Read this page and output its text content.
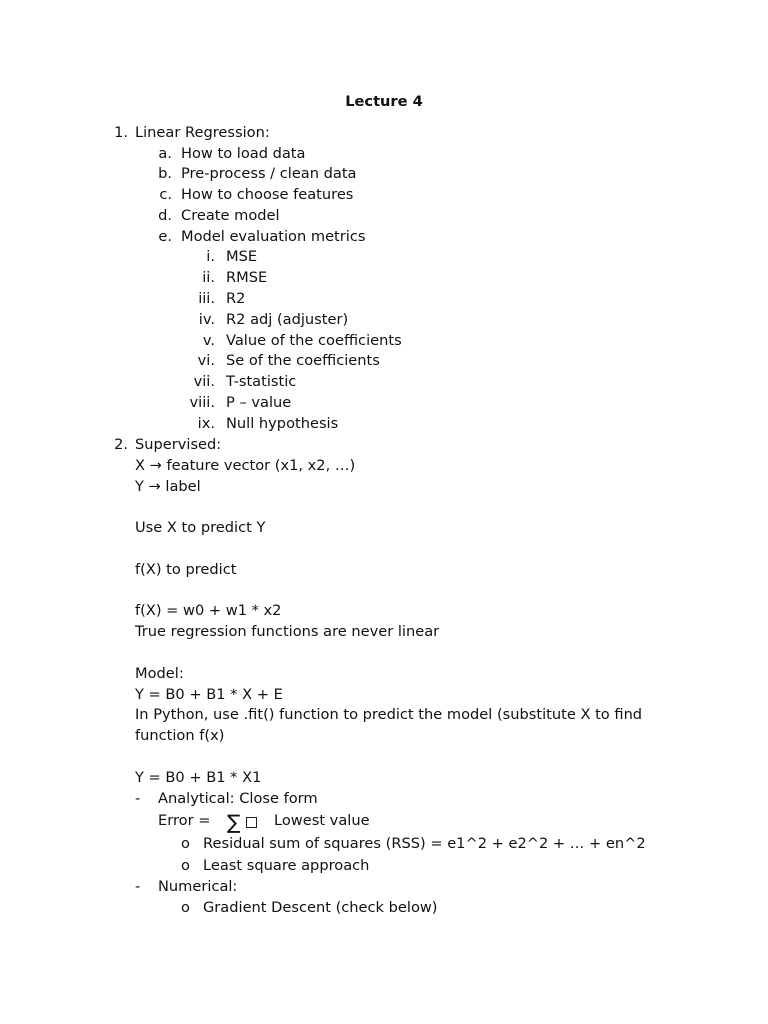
Lecture 4
1. Linear Regression:
a. How to load data
b. Pre-process / clean data
c. How to choose features
d. Create model
e. Model evaluation metrics
i. MSE
ii. RMSE
iii. R2
iv. R2 adj (adjuster)
v. Value of the coefficients
vi. Se of the coefficients
vii. T-statistic
viii. P – value
ix. Null hypothesis
2. Supervised:
X → feature vector (x1, x2, …)
Y → label
Use X to predict Y
f(X) to predict
f(X) = w0 + w1 * x2
True regression functions are never linear
Model:
Y = B0 + B1 * X + E
In Python, use .fit() function to predict the model (substitute X to find
function f(x)
Y = B0 + B1 * X1
- Analytical: Close form
Error = ∑	Lowest value
o Residual sum of squares (RSS) = e1^2 + e2^2 + … + en^2
o Least square approach
- Numerical:
o Gradient Descent (check below)
